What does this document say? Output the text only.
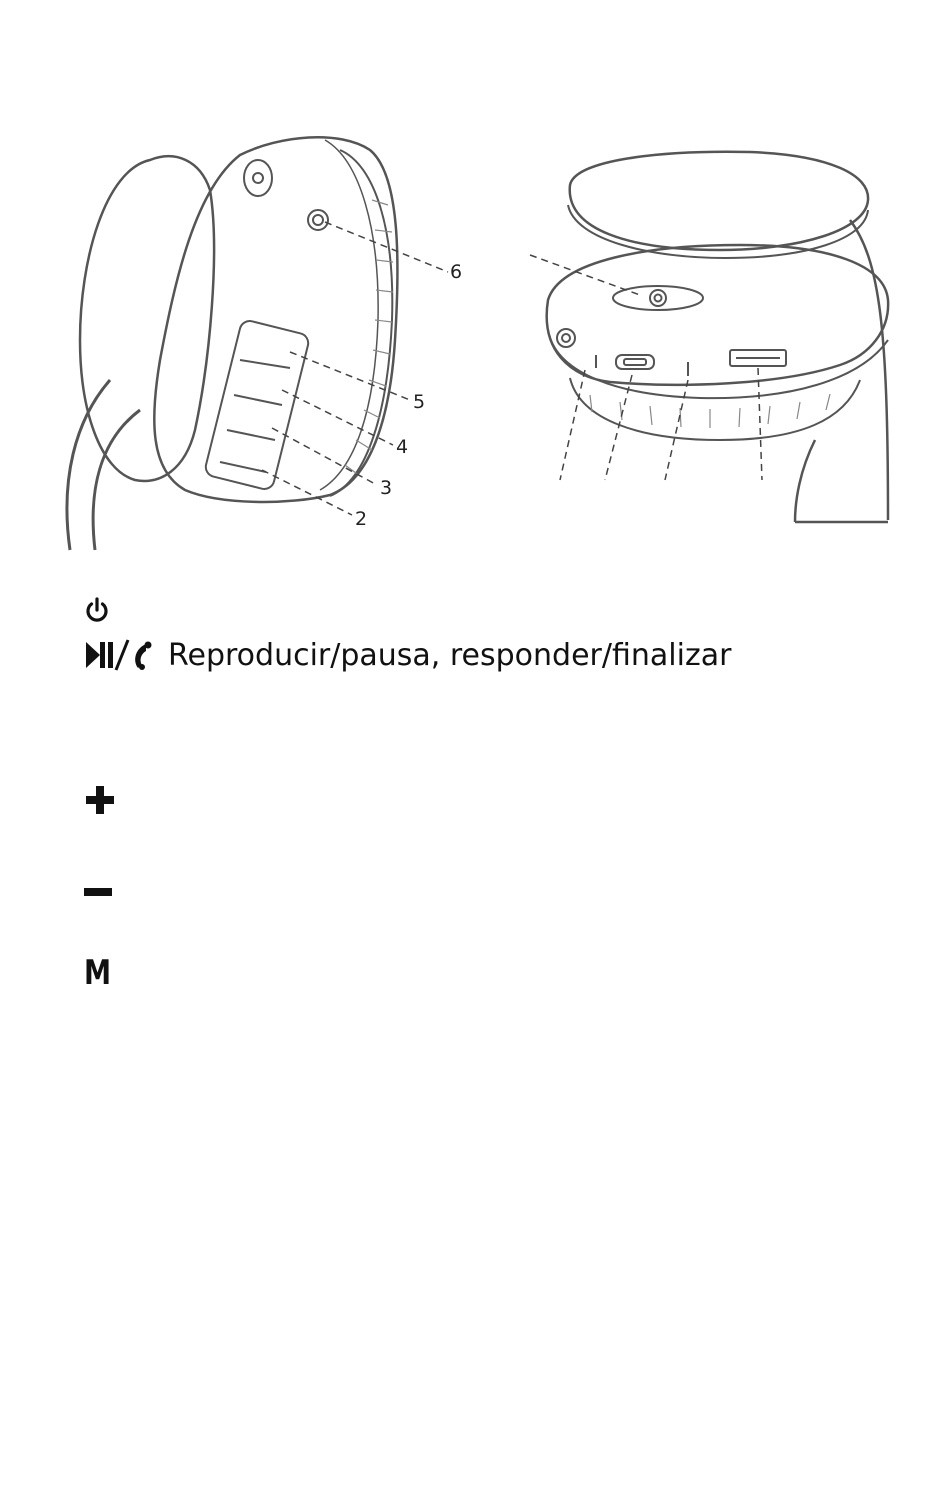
6
5
4
3
2
Reproducir/pausa, responder/finalizar
M
